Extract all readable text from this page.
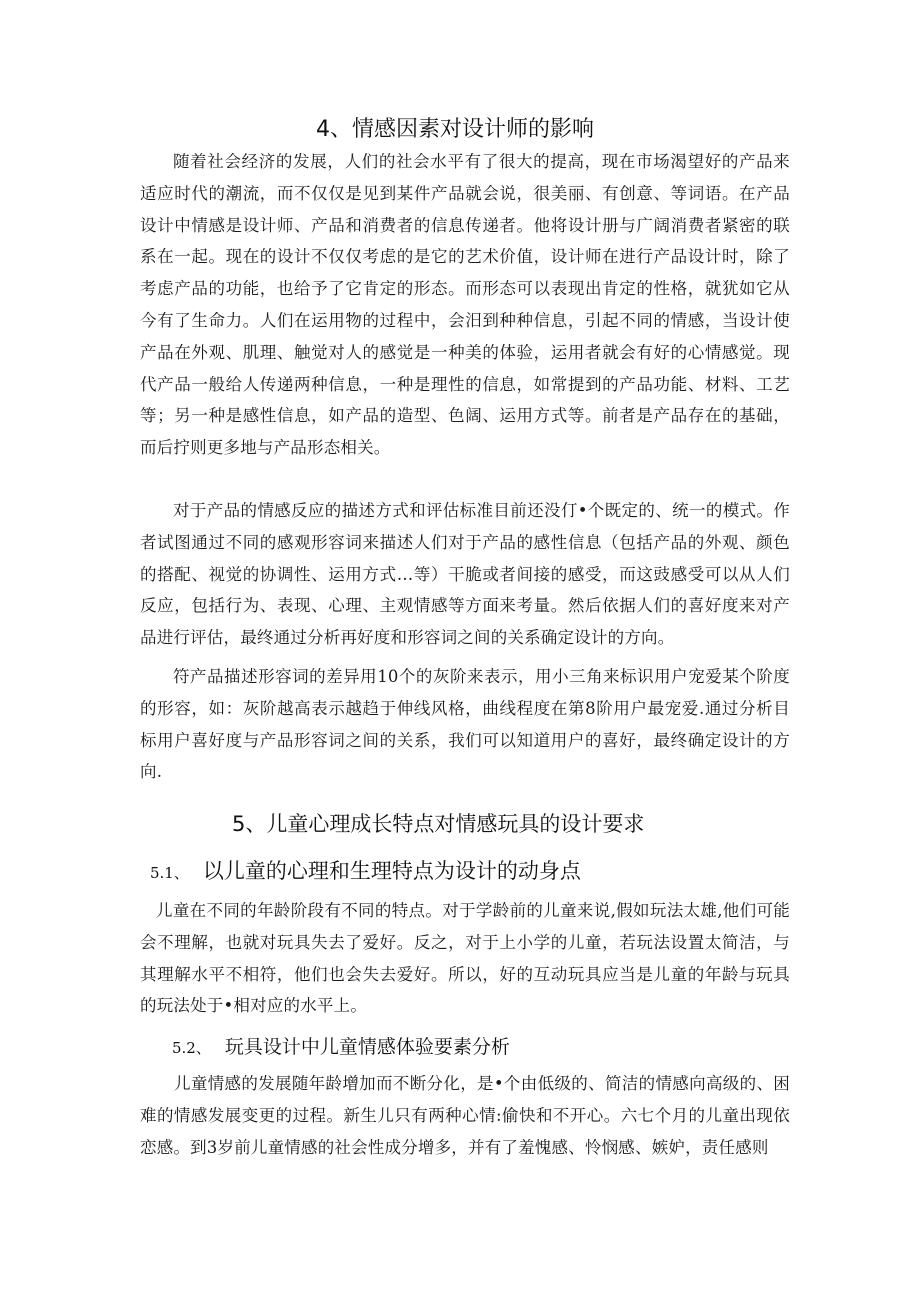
4、情感因素对设计师的影响

随着社会经济的发展，人们的社会水平有了很大的提高，现在市场渴望好的产品来适应时代的潮流，而不仅仅是见到某件产品就会说，很美丽、有创意、等词语。在产品设计中情感是设计师、产品和消费者的信息传递者。他将设计册与广阔消费者紧密的联系在一起。现在的设计不仅仅考虑的是它的艺术价值，设计师在进行产品设计时，除了考虑产品的功能，也给予了它肯定的形态。而形态可以表现出肯定的性格，就犹如它从今有了生命力。人们在运用物的过程中，会汨到种种信息，引起不同的情感，当设计使产品在外观、肌理、触觉对人的感觉是一种美的体验，运用者就会有好的心情感觉。现代产品一般给人传递两种信息，一种是理性的信息，如常提到的产品功能、材料、工艺等；另一种是感性信息，如产品的造型、色阔、运用方式等。前者是产品存在的基础，而后拧则更多地与产品形态相关。

对于产品的情感反应的描述方式和评估标准目前还没仃•个既定的、统一的模式。作者试图通过不同的感观形容词来描述人们对于产品的感性信息（包括产品的外观、颜色的搭配、视觉的协调性、运用方式…等）干脆或者间接的感受，而这豉感受可以从人们反应，包括行为、表现、心理、主观情感等方面来考量。然后依据人们的喜好度来对产品进行评估，最终通过分析再好度和形容词之间的关系确定设计的方向。

符产品描述形容词的差异用10个的灰阶来表示，用小三角来标识用户宠爱某个阶度的形容，如：灰阶越高表示越趋于伸线风格，曲线程度在第8阶用户最宠爱.通过分析目标用户喜好度与产品形容词之间的关系，我们可以知道用户的喜好，最终确定设计的方向.

5、儿童心理成长特点对情感玩具的设计要求
5.1、 以儿童的心理和生理特点为设计的动身点

儿童在不同的年龄阶段有不同的特点。对于学龄前的儿童来说,假如玩法太雄,他们可能会不理解，也就对玩具失去了爱好。反之，对于上小学的儿童，若玩法设置太简洁，与其理解水平不相符，他们也会失去爱好。所以，好的互动玩具应当是儿童的年龄与玩具的玩法处于•相对应的水平上。

5.2、 玩具设计中儿童情感体验要素分析

儿童情感的发展随年龄增加而不断分化，是•个由低级的、简洁的情感向高级的、困难的情感发展变更的过程。新生儿只有两种心情:偷快和不开心。六七个月的儿童出现依恋感。到3岁前儿童情感的社会性成分增多，并有了羞愧感、怜悯感、嫉妒，责任感则
